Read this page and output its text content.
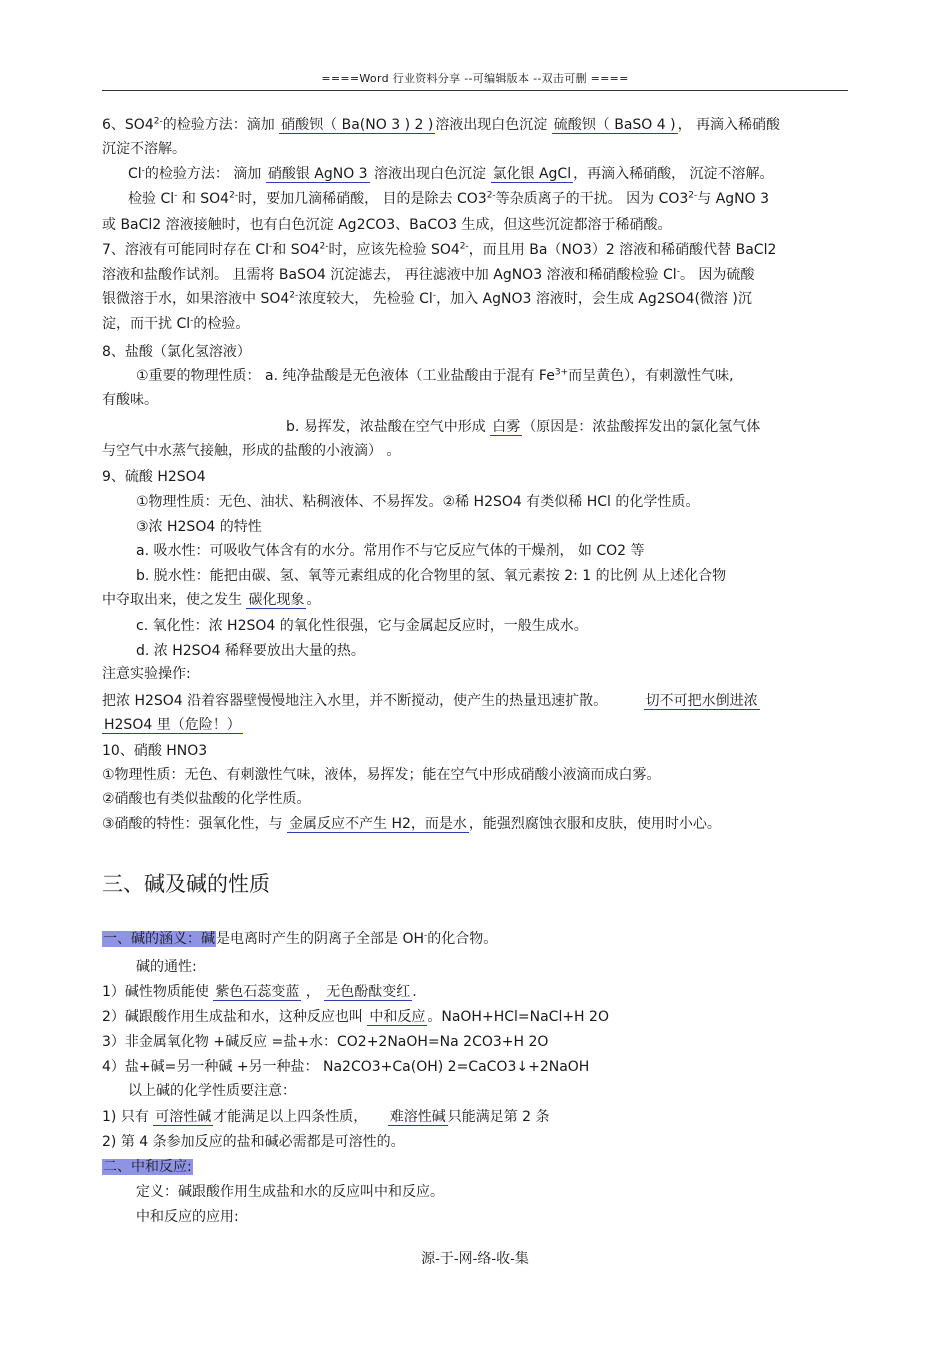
====Word 行业资料分享 --可编辑版本 --双击可删 ====
6、$SO4^{2-}$的检验方法：滴加 硝酸钡（ Ba(NO 3 ) 2 ) 溶液出现白色沉淀 硫酸钡（ BaSO 4 ) ， 再滴入稀硝酸
沉淀不溶解。
Cl-的检验方法： 滴加 硝酸银 AgNO 3 溶液出现白色沉淀 氯化银 AgCl ，再滴入稀硝酸， 沉淀不溶解。
检验 Cl- 和 $SO4^{2-}$时，要加几滴稀硝酸， 目的是除去 $CO3^{2-}$等杂质离子的干扰。 因为 $CO3^{2-}$与 AgNO 3
或 BaCl2 溶液接触时，也有白色沉淀 Ag2CO3、BaCO3 生成，但这些沉淀都溶于稀硝酸。
7、溶液有可能同时存在 Cl-和 $SO4^{2-}$时，应该先检验 $SO4^{2-}$，而且用 Ba（NO3）2 溶液和稀硝酸代替 BaCl2
溶液和盐酸作试剂。 且需将 BaSO4 沉淀滤去， 再往滤液中加 AgNO3 溶液和稀硝酸检验 Cl-。 因为硫酸
银微溶于水，如果溶液中 $SO4^{2-}$浓度较大， 先检验 Cl-，加入 AgNO3 溶液时，会生成 Ag2SO4(微溶 )沉
淀，而干扰 Cl-的检验。
8、盐酸（氯化氢溶液）
①重要的物理性质： a. 纯净盐酸是无色液体（工业盐酸由于混有 $Fe^{3+}$而呈黄色），有刺激性气味,
有酸味。
b. 易挥发，浓盐酸在空气中形成 白雾 （原因是：浓盐酸挥发出的氯化氢气体
与空气中水蒸气接触，形成的盐酸的小液滴） 。
9、硫酸 H2SO4
①物理性质：无色、油状、粘稠液体、不易挥发。②稀 H2SO4 有类似稀 HCl 的化学性质。
③浓 H2SO4 的特性
a. 吸水性：可吸收气体含有的水分。常用作不与它反应气体的干燥剂， 如 CO2 等
b. 脱水性：能把由碳、氢、氧等元素组成的化合物里的氢、氧元素按 2: 1 的比例 从上述化合物
中夺取出来，使之发生 碳化现象 。
c. 氧化性：浓 H2SO4 的氧化性很强，它与金属起反应时，一般生成水。
d. 浓 H2SO4 稀释要放出大量的热。
注意实验操作:
把浓 H2SO4 沿着容器壁慢慢地注入水里，并不断搅动，使产生的热量迅速扩散。	切不可把水倒进浓
H2SO4 里（危险！）
10、硝酸 HNO3
①物理性质：无色、有刺激性气味，液体，易挥发；能在空气中形成硝酸小液滴而成白雾。
②硝酸也有类似盐酸的化学性质。
③硝酸的特性：强氧化性，与 金属反应不产生 H2，而是水 ，能强烈腐蚀衣服和皮肤，使用时小心。
三、碱及碱的性质
一、碱的涵义：碱是电离时产生的阴离子全部是 OH-的化合物。
碱的通性:
1）碱性物质能使 紫色石蕊变蓝 ， 无色酚酞变红 .
2）碱跟酸作用生成盐和水，这种反应也叫 中和反应 。NaOH+HCl=NaCl+H 2O
3）非金属氧化物 +碱反应 =盐+水：CO2+2NaOH=Na 2CO3+H 2O
4）盐+碱=另一种碱 +另一种盐： Na2CO3+Ca(OH) 2=CaCO3↓+2NaOH
以上碱的化学性质要注意：
1) 只有 可溶性碱 才能满足以上四条性质， 难溶性碱 只能满足第 2 条
2) 第 4 条参加反应的盐和碱必需都是可溶性的。
二、中和反应:
定义：碱跟酸作用生成盐和水的反应叫中和反应。
中和反应的应用:
源-于-网-络-收-集
